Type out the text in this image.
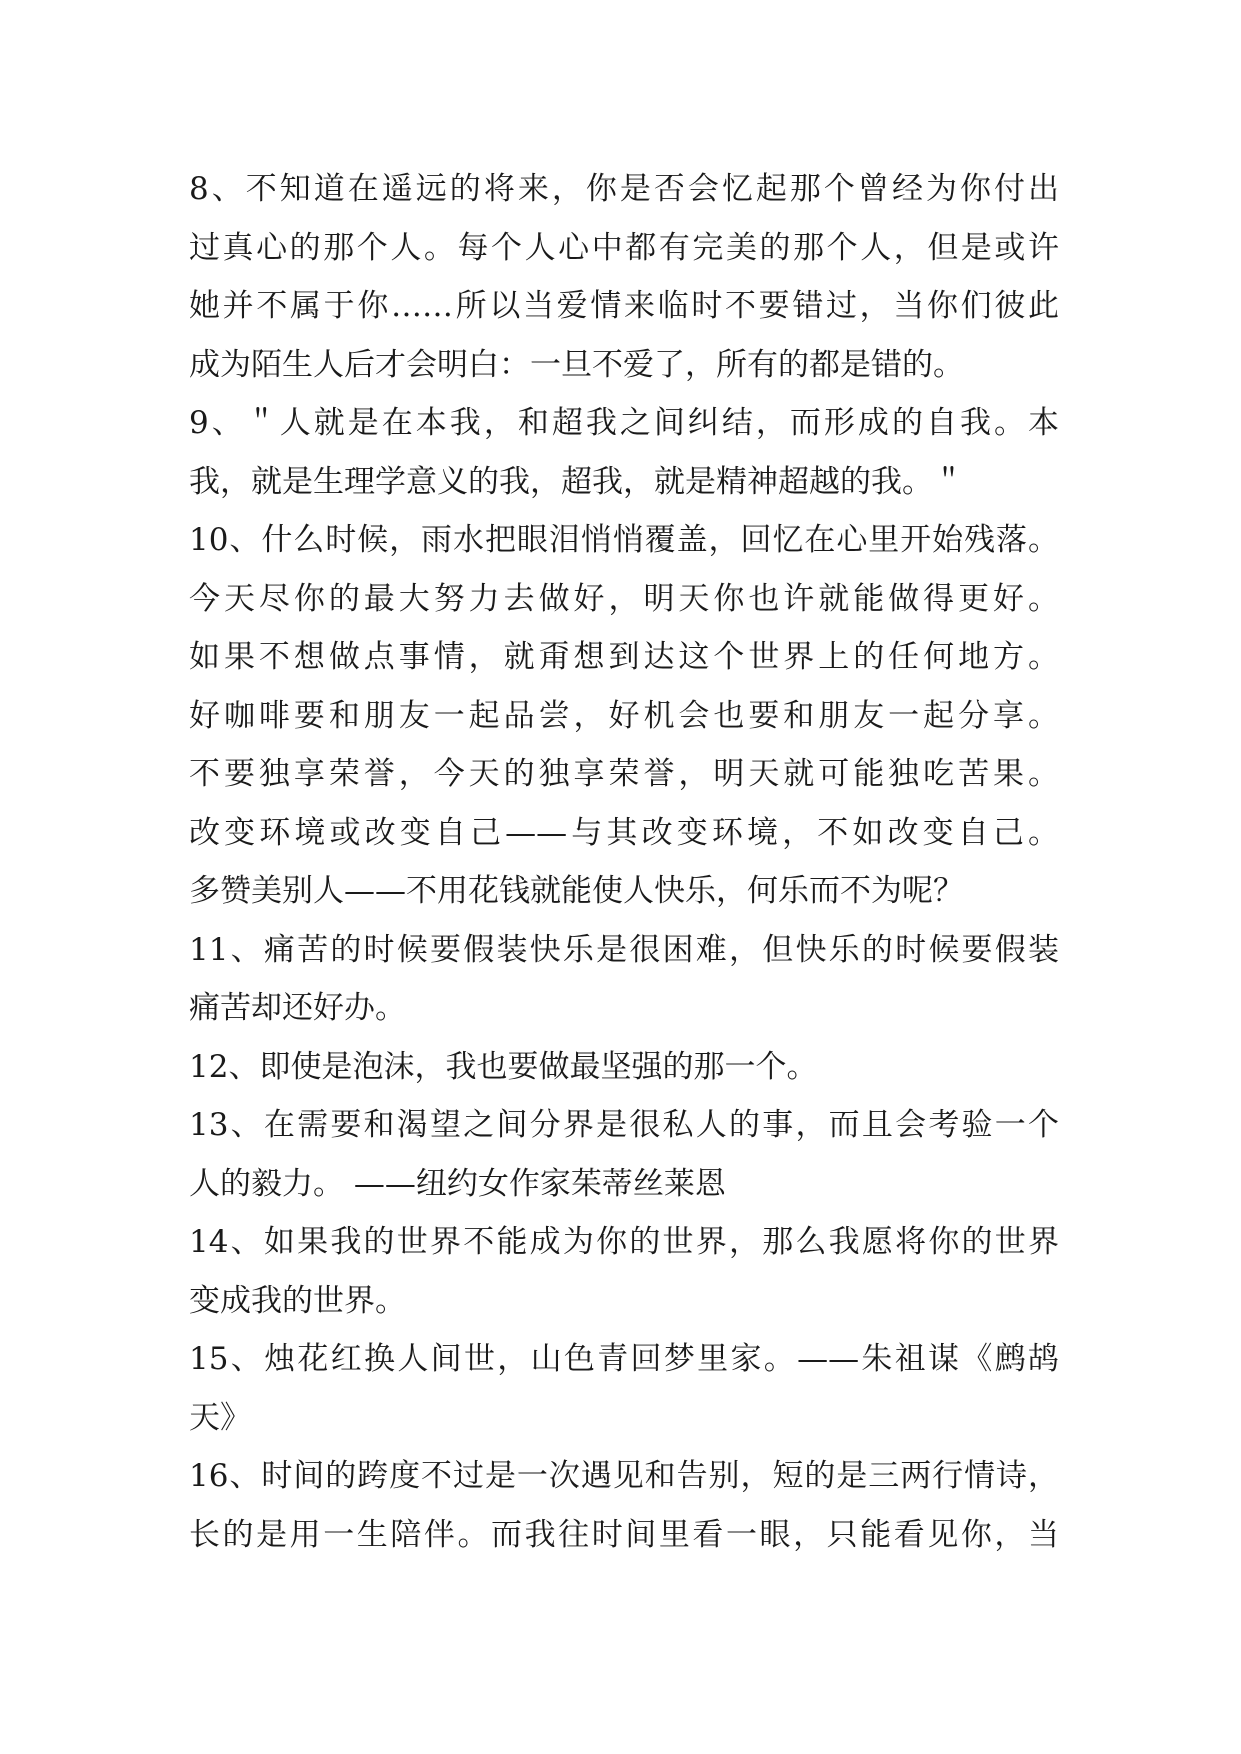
8、不知道在遥远的将来，你是否会忆起那个曾经为你付出
过真心的那个人。每个人心中都有完美的那个人，但是或许
她并不属于你……所以当爱情来临时不要错过，当你们彼此
成为陌生人后才会明白：一旦不爱了，所有的都是错的。
9、＂人就是在本我，和超我之间纠结，而形成的自我。本
我，就是生理学意义的我，超我，就是精神超越的我。＂
10、什么时候，雨水把眼泪悄悄覆盖，回忆在心里开始残落。
今天尽你的最大努力去做好，明天你也许就能做得更好。
如果不想做点事情，就甭想到达这个世界上的任何地方。
好咖啡要和朋友一起品尝，好机会也要和朋友一起分享。
不要独享荣誉，今天的独享荣誉，明天就可能独吃苦果。
改变环境或改变自己——与其改变环境，不如改变自己。
多赞美别人——不用花钱就能使人快乐，何乐而不为呢？
11、痛苦的时候要假装快乐是很困难，但快乐的时候要假装
痛苦却还好办。
12、即使是泡沫，我也要做最坚强的那一个。
13、在需要和渴望之间分界是很私人的事，而且会考验一个
人的毅力。 ——纽约女作家茱蒂丝莱恩
14、如果我的世界不能成为你的世界，那么我愿将你的世界
变成我的世界。
15、烛花红换人间世，山色青回梦里家。——朱祖谋《鹧鸪
天》
16、时间的跨度不过是一次遇见和告别，短的是三两行情诗，
长的是用一生陪伴。而我往时间里看一眼，只能看见你，当
